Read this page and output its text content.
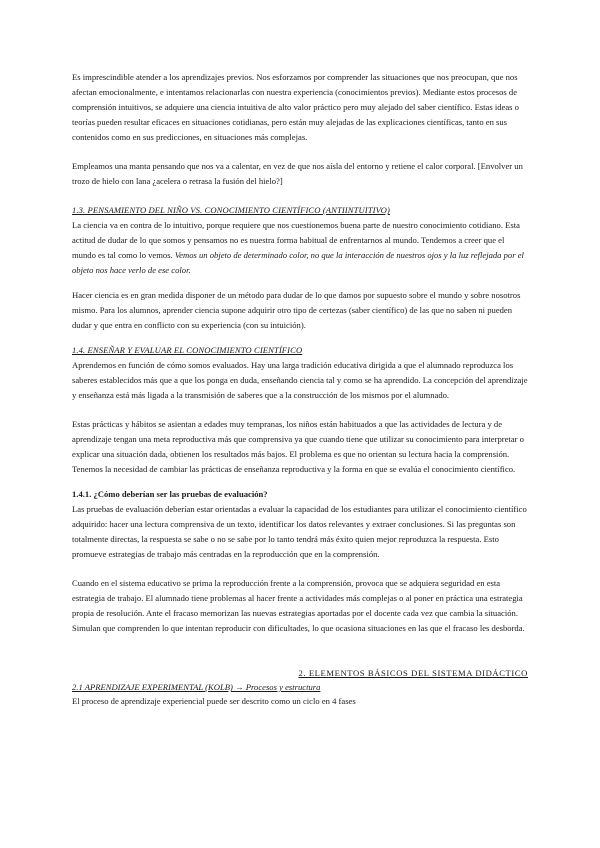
Es imprescindible atender a los aprendizajes previos. Nos esforzamos por comprender las situaciones que nos preocupan, que nos afectan emocionalmente, e intentamos relacionarlas con nuestra experiencia (conocimientos previos). Mediante estos procesos de comprensión intuitivos, se adquiere una ciencia intuitiva de alto valor práctico pero muy alejado del saber científico. Estas ideas o teorías pueden resultar eficaces en situaciones cotidianas, pero están muy alejadas de las explicaciones científicas, tanto en sus contenidos como en sus predicciones, en situaciones más complejas.

Empleamos una manta pensando que nos va a calentar, en vez de que nos aísla del entorno y retiene el calor corporal. [Envolver un trozo de hielo con lana ¿acelera o retrasa la fusión del hielo?]

1.3. PENSAMIENTO DEL NIÑO VS. CONOCIMIENTO CIENTÍFICO (ANTIINTUITIVO)

La ciencia va en contra de lo intuitivo, porque requiere que nos cuestionemos buena parte de nuestro conocimiento cotidiano. Esta actitud de dudar de lo que somos y pensamos no es nuestra forma habitual de enfrentarnos al mundo. Tendemos a creer que el mundo es tal como lo vemos. Vemos un objeto de determinado color, no que la interacción de nuestros ojos y la luz reflejada por el objeto nos hace verlo de ese color.

Hacer ciencia es en gran medida disponer de un método para dudar de lo que damos por supuesto sobre el mundo y sobre nosotros mismo. Para los alumnos, aprender ciencia supone adquirir otro tipo de certezas (saber científico) de las que no saben ni pueden dudar y que entra en conflicto con su experiencia (con su intuición).

1.4. ENSEÑAR Y EVALUAR EL CONOCIMIENTO CIENTÍFICO

Aprendemos en función de cómo somos evaluados. Hay una larga tradición educativa dirigida a que el alumnado reproduzca los saberes establecidos más que a que los ponga en duda, enseñando ciencia tal y como se ha aprendido. La concepción del aprendizaje y enseñanza está más ligada a la transmisión de saberes que a la construcción de los mismos por el alumnado.

Estas prácticas y hábitos se asientan a edades muy tempranas, los niños están habituados a que las actividades de lectura y de aprendizaje tengan una meta reproductiva más que comprensiva ya que cuando tiene que utilizar su conocimiento para interpretar o explicar una situación dada, obtienen los resultados más bajos. El problema es que no orientan su lectura hacia la comprensión. Tenemos la necesidad de cambiar las prácticas de enseñanza reproductiva y la forma en que se evalúa el conocimiento científico.

1.4.1. ¿Cómo deberían ser las pruebas de evaluación?

Las pruebas de evaluación deberían estar orientadas a evaluar la capacidad de los estudiantes para utilizar el conocimiento científico adquirido: hacer una lectura comprensiva de un texto, identificar los datos relevantes y extraer conclusiones. Si las preguntas son totalmente directas, la respuesta se sabe o no se sabe por lo tanto tendrá más éxito quien mejor reproduzca la respuesta. Esto promueve estrategias de trabajo más centradas en la reproducción que en la comprensión.

Cuando en el sistema educativo se prima la reproducción frente a la comprensión, provoca que se adquiera seguridad en esta estrategia de trabajo. El alumnado tiene problemas al hacer frente a actividades más complejas o al poner en práctica una estrategia propia de resolución. Ante el fracaso memorizan las nuevas estrategias aportadas por el docente cada vez que cambia la situación. Simulan que comprenden lo que intentan reproducir con dificultades, lo que ocasiona situaciones en las que el fracaso les desborda.

2. ELEMENTOS BÁSICOS DEL SISTEMA DIDÁCTICO

2.1 APRENDIZAJE EXPERIMENTAL (KOLB) → Procesos y estructura

El proceso de aprendizaje experiencial puede ser descrito como un ciclo en 4 fases
